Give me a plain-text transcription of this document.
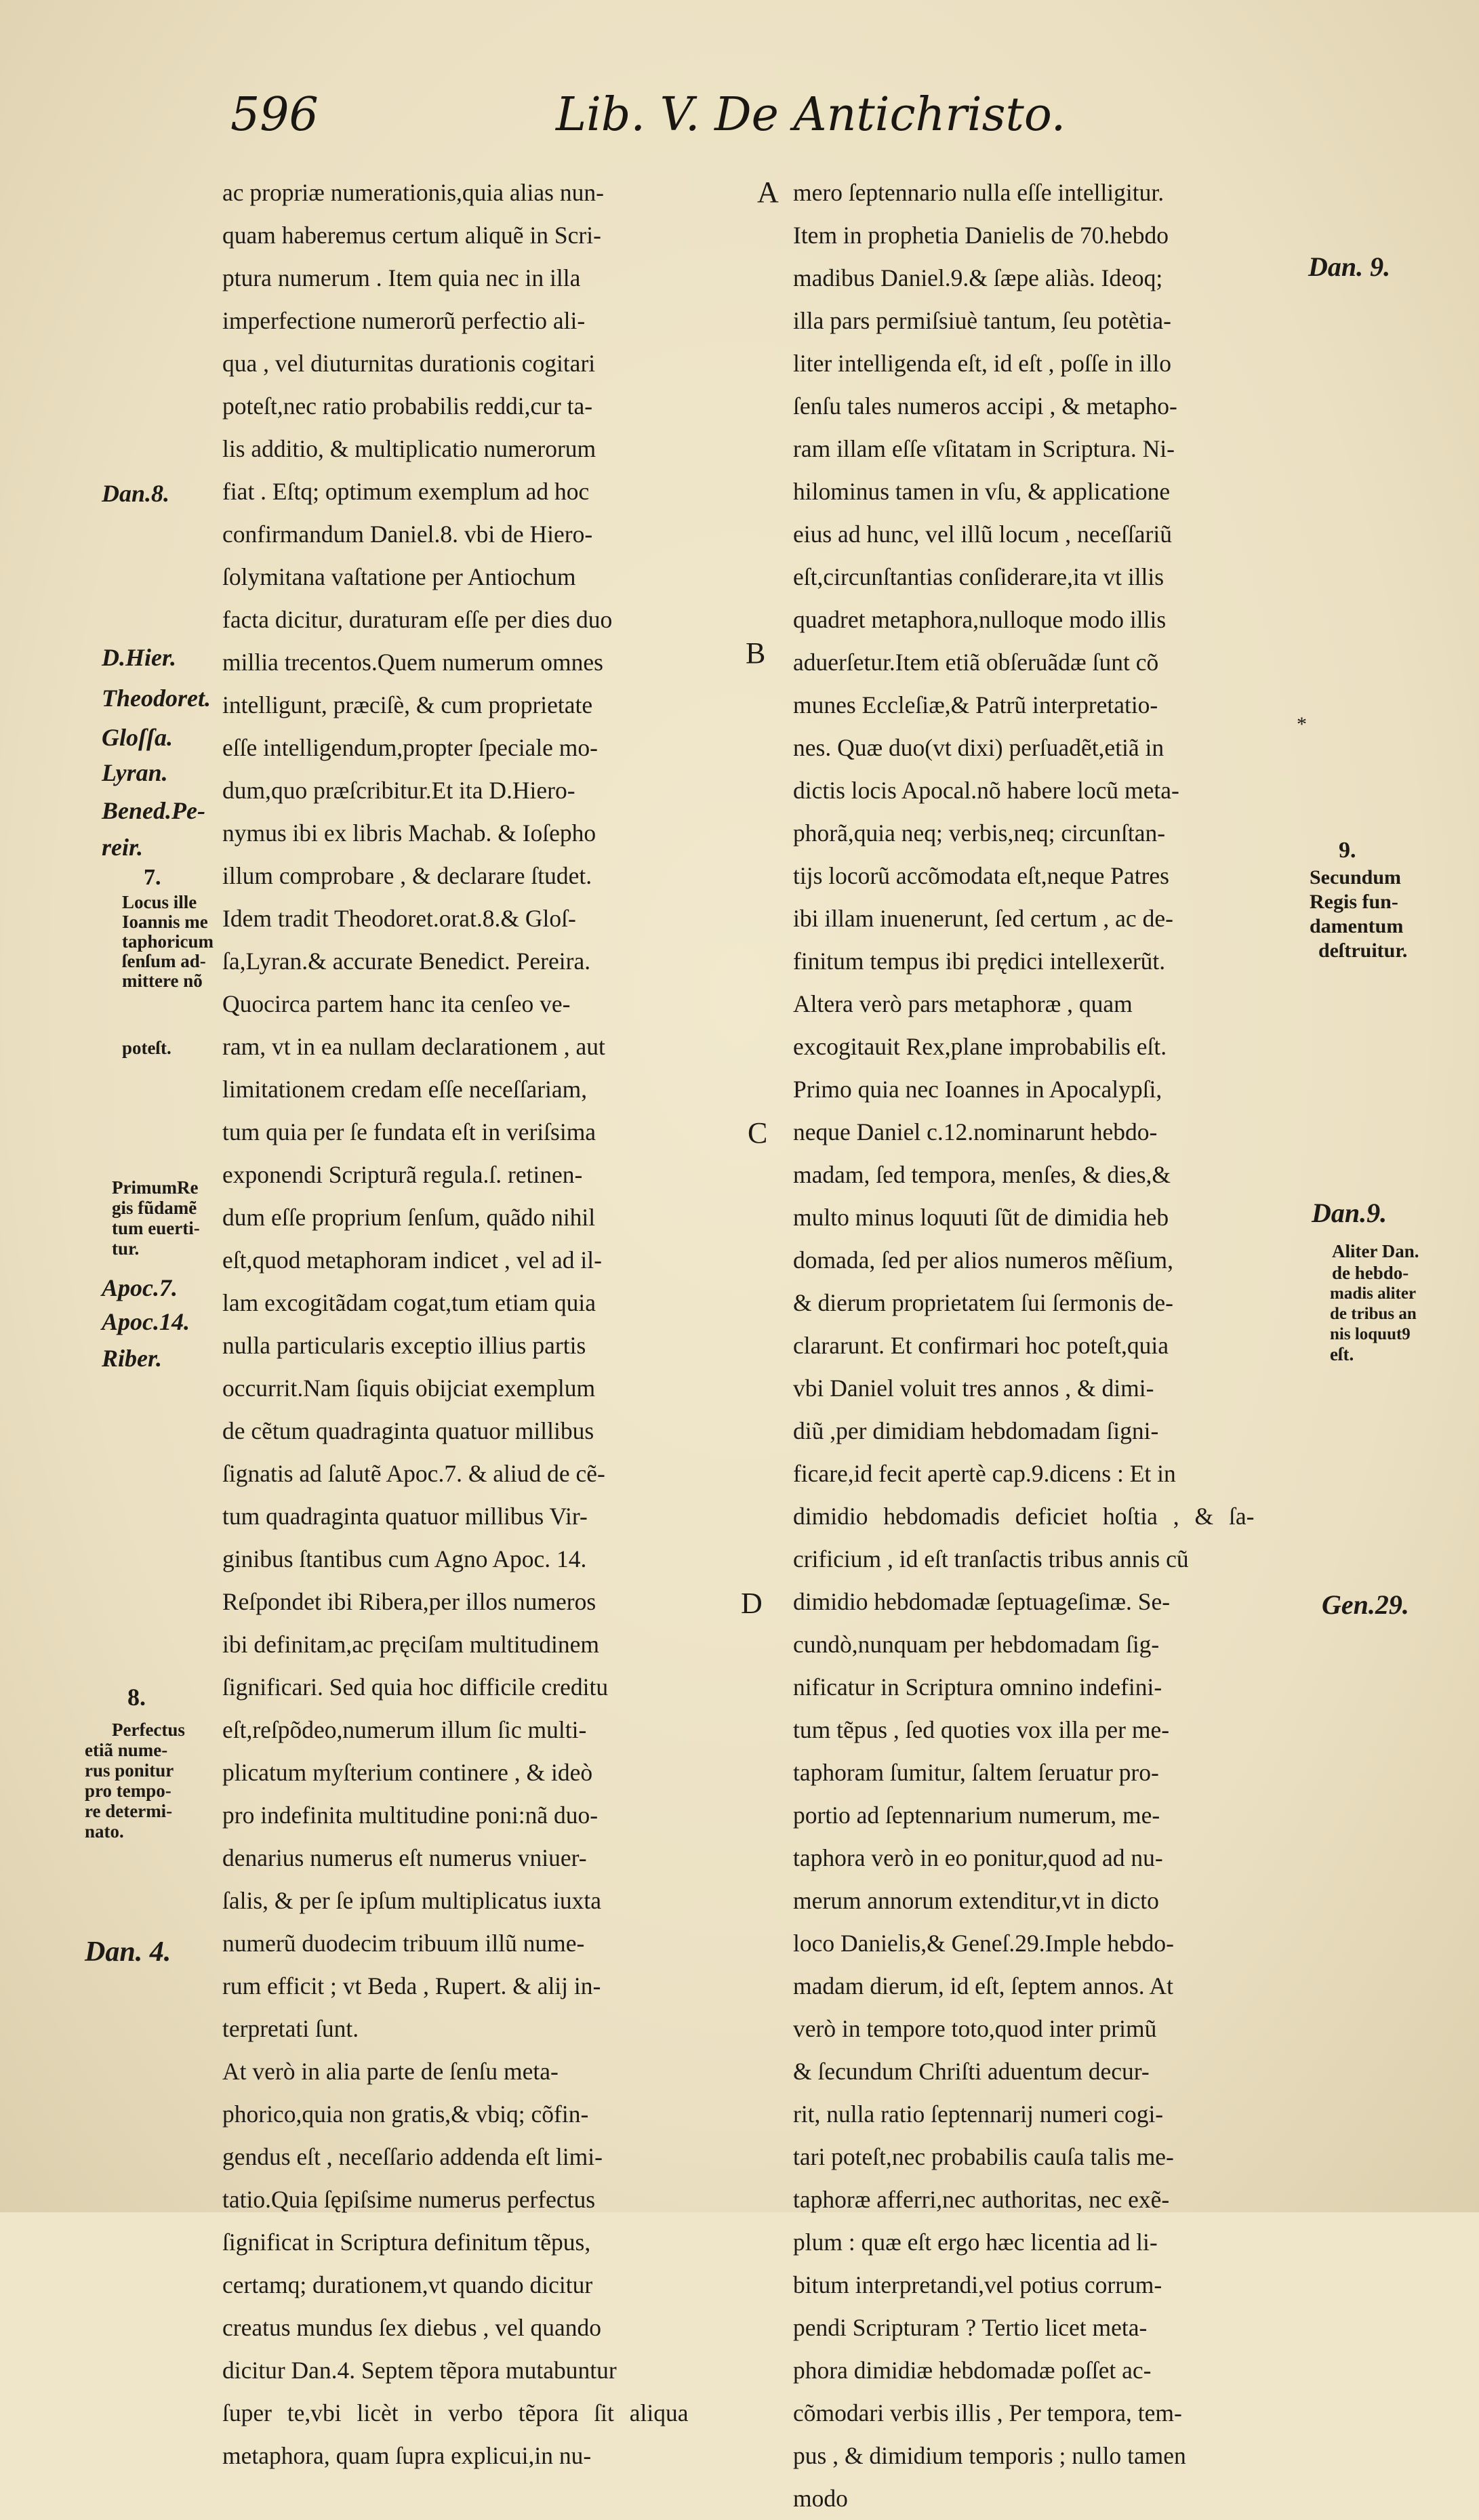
596	Lib. V. De Antichristo.
ac propriæ numerationis,quia alias nun-
quam haberemus certum aliquẽ in Scri-
ptura numerum . Item quia nec in illa
imperfectione numerorũ perfectio ali-
qua , vel diuturnitas durationis cogitari
poteſt,nec ratio probabilis reddi,cur ta-
lis additio, & multiplicatio numerorum
fiat . Eſtq; optimum exemplum ad hoc
confirmandum Daniel.8. vbi de Hiero-
ſolymitana vaſtatione per Antiochum
facta dicitur, duraturam eſſe per dies duo
millia trecentos.Quem numerum omnes
intelligunt, præciſè, & cum proprietate
eſſe intelligendum,propter ſpeciale mo-
dum,quo præſcribitur.Et ita D.Hiero-
nymus ibi ex libris Machab. & Ioſepho
illum comprobare , & declarare ſtudet.
Idem tradit Theodoret.orat.8.& Gloſ-
ſa,Lyran.& accurate Benedict. Pereira.
Quocirca partem hanc ita cenſeo ve-
ram, vt in ea nullam declarationem , aut
limitationem credam eſſe neceſſariam,
tum quia per ſe fundata eſt in veriſsima
exponendi Scripturã regula.ſ. retinen-
dum eſſe proprium ſenſum, quãdo nihil
eſt,quod metaphoram indicet , vel ad il-
lam excogitãdam cogat,tum etiam quia
nulla particularis exceptio illius partis
occurrit.Nam ſiquis obijciat exemplum
de cẽtum quadraginta quatuor millibus
ſignatis ad ſalutẽ Apoc.7. & aliud de cẽ-
tum quadraginta quatuor millibus Vir-
ginibus ſtantibus cum Agno Apoc. 14.
Reſpondet ibi Ribera,per illos numeros
ibi definitam,ac pręciſam multitudinem
ſignificari. Sed quia hoc difficile creditu
eſt,reſpõdeo,numerum illum ſic multi-
plicatum myſterium continere , & ideò
pro indefinita multitudine poni:nã duo-
denarius numerus eſt numerus vniuer-
ſalis, & per ſe ipſum multiplicatus iuxta
numerũ duodecim tribuum illũ nume-
rum efficit ; vt Beda , Rupert. & alij in-
terpretati ſunt.
At verò in alia parte de ſenſu meta-
phorico,quia non gratis,& vbiq; cõfin-
gendus eſt , neceſſario addenda eſt limi-
tatio.Quia ſępiſsime numerus perfectus
ſignificat in Scriptura definitum tẽpus,
certamq; durationem,vt quando dicitur
creatus mundus ſex diebus , vel quando
dicitur Dan.4. Septem tẽpora mutabuntur
ſuper te,vbi licèt in verbo tẽpora ſit aliqua
metaphora, quam ſupra explicui,in nu-
mero ſeptennario nulla eſſe intelligitur.
Item in prophetia Danielis de 70.hebdo
madibus Daniel.9.& ſæpe aliàs. Ideoq;
illa pars permiſsiuè tantum, ſeu potètia-
liter intelligenda eſt, id eſt , poſſe in illo
ſenſu tales numeros accipi , & metapho-
ram illam eſſe vſitatam in Scriptura. Ni-
hilominus tamen in vſu, & applicatione
eius ad hunc, vel illũ locum , neceſſariũ
eſt,circunſtantias conſiderare,ita vt illis
quadret metaphora,nulloque modo illis
aduerſetur.Item etiã obſeruãdæ ſunt cõ
munes Eccleſiæ,& Patrũ interpretatio-
nes. Quæ duo(vt dixi) perſuadẽt,etiã in
dictis locis Apocal.nõ habere locũ meta-
phorã,quia neq; verbis,neq; circunſtan-
tijs locorũ accõmodata eſt,neque Patres
ibi illam inuenerunt, ſed certum , ac de-
finitum tempus ibi prędici intellexerũt.
Altera verò pars metaphoræ , quam
excogitauit Rex,plane improbabilis eſt.
Primo quia nec Ioannes in Apocalypſi,
neque Daniel c.12.nominarunt hebdo-
madam, ſed tempora, menſes, & dies,&
multo minus loquuti ſũt de dimidia heb
domada, ſed per alios numeros mẽſium,
& dierum proprietatem ſui ſermonis de-
clararunt. Et confirmari hoc poteſt,quia
vbi Daniel voluit tres annos , & dimi-
diũ ,per dimidiam hebdomadam ſigni-
ficare,id fecit apertè cap.9.dicens : Et in
dimidio hebdomadis deficiet hoſtia , & ſa-
crificium , id eſt tranſactis tribus annis cũ
dimidio hebdomadæ ſeptuageſimæ. Se-
cundò,nunquam per hebdomadam ſig-
nificatur in Scriptura omnino indefini-
tum tẽpus , ſed quoties vox illa per me-
taphoram ſumitur, ſaltem ſeruatur pro-
portio ad ſeptennarium numerum, me-
taphora verò in eo ponitur,quod ad nu-
merum annorum extenditur,vt in dicto
loco Danielis,& Geneſ.29.Imple hebdo-
madam dierum, id eſt, ſeptem annos. At
verò in tempore toto,quod inter primũ
& ſecundum Chriſti aduentum decur-
rit, nulla ratio ſeptennarij numeri cogi-
tari poteſt,nec probabilis cauſa talis me-
taphoræ afferri,nec authoritas, nec exẽ-
plum : quæ eſt ergo hæc licentia ad li-
bitum interpretandi,vel potius corrum-
pendi Scripturam ? Tertio licet meta-
phora dimidiæ hebdomadæ poſſet ac-
cõmodari verbis illis , Per tempora, tem-
pus , & dimidium temporis ; nullo tamen
modo
A
B
C
D
*
Dan.8.
D.Hier.
Theodoret.
Gloſſa.
Lyran.
Bened.Pe-
reir.
7.
Locus ille
Ioannis me
taphoricum
ſenſum ad-
mittere nõ
poteſt.
PrimumRe
gis fũdamẽ
tum euerti-
tur.
Apoc.7.
Apoc.14.
Riber.
8.
Perfectus
etiã nume-
rus ponitur
pro tempo-
re determi-
nato.
Dan. 4.
Dan. 9.
9.
Secundum
Regis fun-
damentum
deſtruitur.
Dan.9.
Aliter Dan.
de hebdo-
madis aliter
de tribus an
nis loquut9
eſt.
Gen.29.
